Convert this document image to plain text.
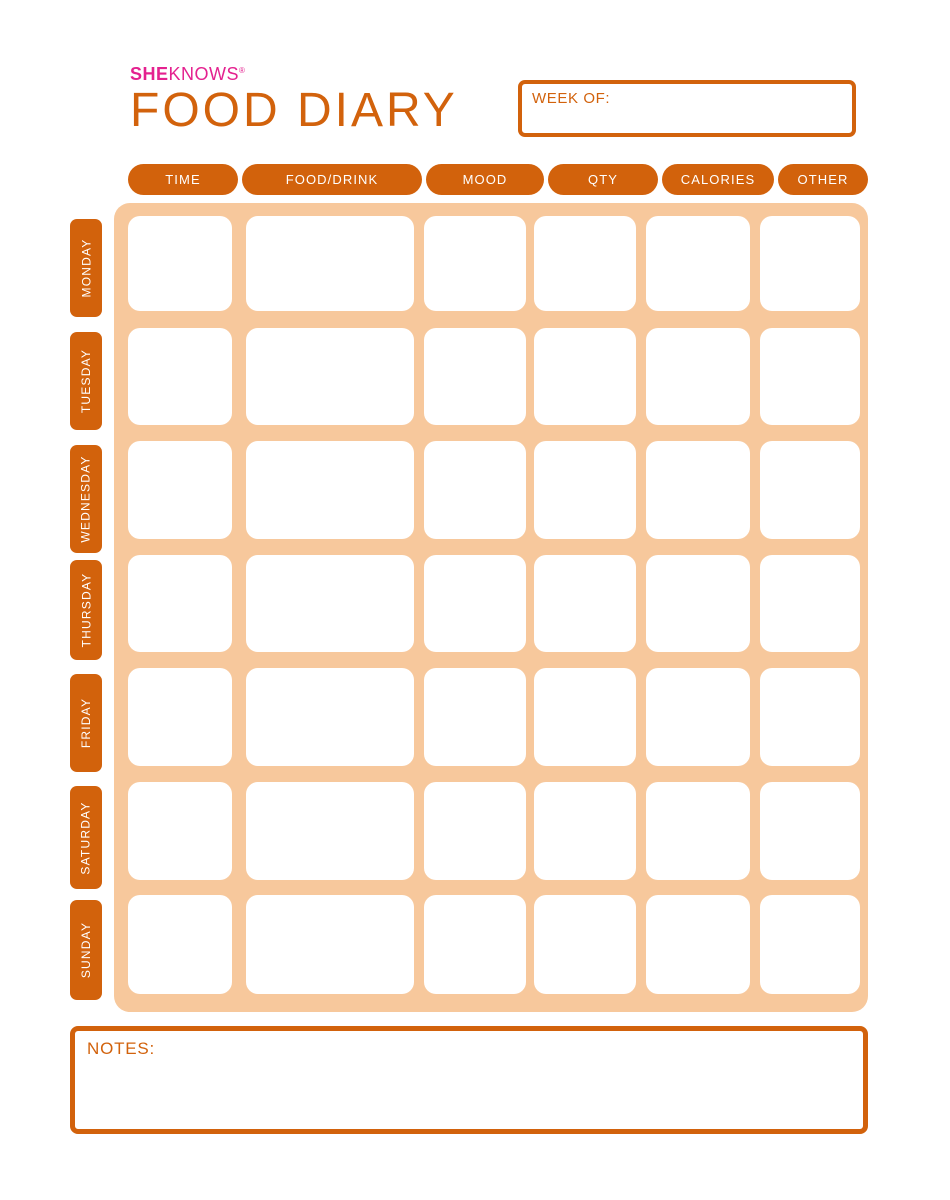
SHEKNOWS®
FOOD DIARY	WEEK OF:
TIME	FOOD/DRINK	MOOD	QTY	CALORIES	OTHER
NOTES:
MONDAY
TUESDAY
WEDNESDAY
THURSDAY
FRIDAY
SATURDAY
SUNDAY
